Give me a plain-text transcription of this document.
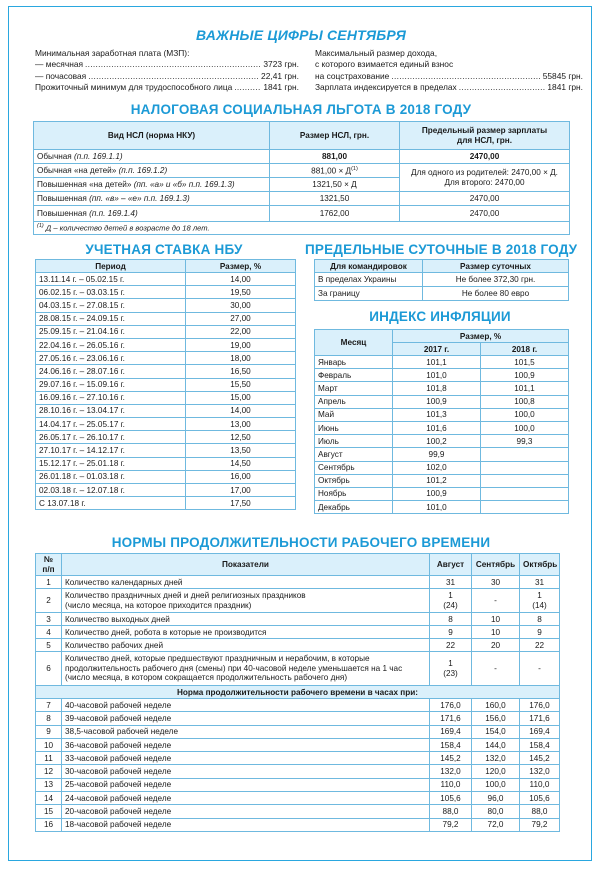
ВАЖНЫЕ ЦИФРЫ СЕНТЯБРЯ
Минимальная заработная плата (МЗП):
— месячная .....	3723 грн.
— почасовая .....	22,41 грн.
Прожиточный минимум для трудоспособного лица .....	1841 грн.
Максимальный размер дохода,
с которого взимается единый взнос
на соцстрахование .....	55845 грн.
Зарплата индексируется в пределах .....	1841 грн.
НАЛОГОВАЯ СОЦИАЛЬНАЯ ЛЬГОТА В 2018 ГОДУ
Вид НСЛ (норма НКУ)	Размер НСЛ, грн.	Предельный размер зарплаты
для НСЛ, грн.
Обычная (п.п. 169.1.1)	881,00	2470,00
Обычная «на детей» (п.п. 169.1.2)	$881,00 \times Д^{(1)}$	Для одного из родителей: 2470,00 × Д.
Для второго: 2470,00
Повышенная «на детей» (пп. «а» и «б» п.п. 169.1.3)	1321,50 × Д	
Повышенная (пп. «в» – «е» п.п. 169.1.3)	1321,50	2470,00
Повышенная (п.п. 169.1.4)	1762,00	2470,00
$^{(1)}$ Д – количество детей в возрасте до 18 лет.		
УЧЕТНАЯ СТАВКА НБУ
Период	Размер, %
13.11.14 г. – 05.02.15 г.	14,00
06.02.15 г. – 03.03.15 г.	19,50
04.03.15 г. – 27.08.15 г.	30,00
28.08.15 г. – 24.09.15 г.	27,00
25.09.15 г. – 21.04.16 г.	22,00
22.04.16 г. – 26.05.16 г.	19,00
27.05.16 г. – 23.06.16 г.	18,00
24.06.16 г. – 28.07.16 г.	16,50
29.07.16 г. – 15.09.16 г.	15,50
16.09.16 г. – 27.10.16 г.	15,00
28.10.16 г. – 13.04.17 г.	14,00
14.04.17 г. – 25.05.17 г.	13,00
26.05.17 г. – 26.10.17 г.	12,50
27.10.17 г. – 14.12.17 г.	13,50
15.12.17 г. – 25.01.18 г.	14,50
26.01.18 г. – 01.03.18 г.	16,00
02.03.18 г. – 12.07.18 г.	17,00
С 13.07.18 г.	17,50
ПРЕДЕЛЬНЫЕ СУТОЧНЫЕ В 2018 ГОДУ
Для командировок	Размер суточных
В пределах Украины	Не более 372,30 грн.
За границу	Не более 80 евро
ИНДЕКС ИНФЛЯЦИИ
Месяц	Размер, %	
	2017 г.	2018 г.
Январь	101,1	101,5
Февраль	101,0	100,9
Март	101,8	101,1
Апрель	100,9	100,8
Май	101,3	100,0
Июнь	101,6	100,0
Июль	100,2	99,3
Август	99,9	
Сентябрь	102,0	
Октябрь	101,2	
Ноябрь	100,9	
Декабрь	101,0	
НОРМЫ ПРОДОЛЖИТЕЛЬНОСТИ РАБОЧЕГО ВРЕМЕНИ
№
п/п	Показатели	Август	Сентябрь	Октябрь
1	Количество календарных дней	31	30	31
2	Количество праздничных дней и дней религиозных праздников
(число месяца, на которое приходится праздник)	1
(24)	-	1
(14)
3	Количество выходных дней	8	10	8
4	Количество дней, робота в которые не производится	9	10	9
5	Количество рабочих дней	22	20	22
6	Количество дней, которые предшествуют праздничным и нерабочим, в которые
продолжительность рабочего дня (смены) при 40-часовой неделе уменьшается на 1 час
(число месяца, в котором сокращается продолжительность рабочего дня)	1
(23)	-	-
Норма продолжительности рабочего времени в часах при:				
7	40-часовой рабочей неделе	176,0	160,0	176,0
8	39-часовой рабочей неделе	171,6	156,0	171,6
9	38,5-часовой рабочей неделе	169,4	154,0	169,4
10	36-часовой рабочей неделе	158,4	144,0	158,4
11	33-часовой рабочей неделе	145,2	132,0	145,2
12	30-часовой рабочей неделе	132,0	120,0	132,0
13	25-часовой рабочей неделе	110,0	100,0	110,0
14	24-часовой рабочей неделе	105,6	96,0	105,6
15	20-часовой рабочей неделе	88,0	80,0	88,0
16	18-часовой рабочей неделе	79,2	72,0	79,2
